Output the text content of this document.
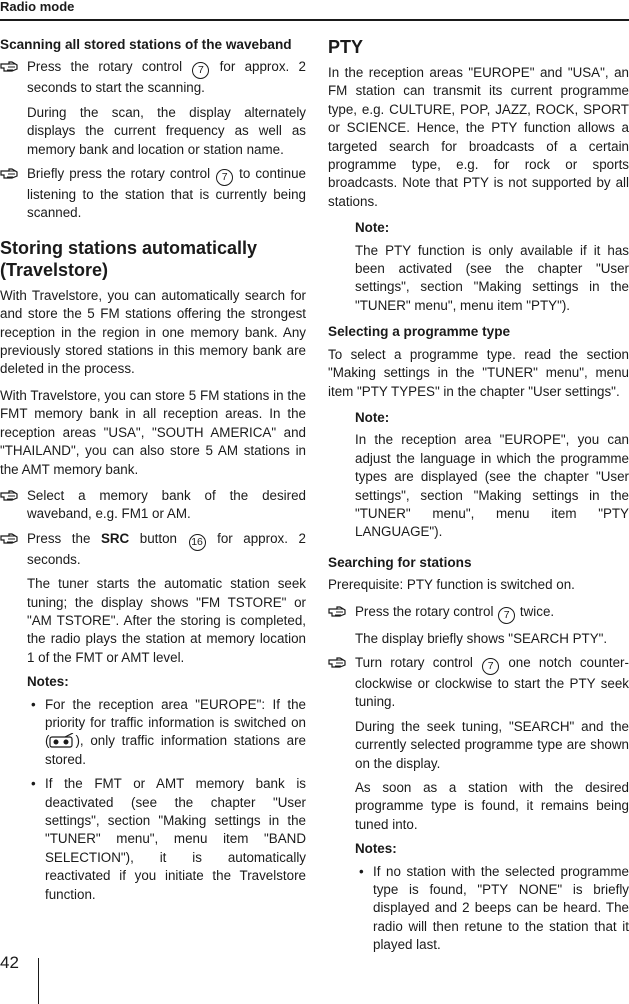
Radio mode

Scanning all stored stations of the waveband

Press the rotary control 7 for approx. 2 seconds to start the scanning.

During the scan, the display alternately displays the current frequency as well as memory bank and location or station name.

Briefly press the rotary control 7 to continue listening to the station that is currently being scanned.

Storing stations automatically
(Travelstore)

With Travelstore, you can automatically search for and store the 5 FM stations offering the strongest reception in the region in one memory bank. Any previously stored stations in this memory bank are deleted in the process.

With Travelstore, you can store 5 FM stations in the FMT memory bank in all reception areas. In the reception areas "USA", "SOUTH AMERICA" and "THAILAND", you can also store 5 AM stations in the AMT memory bank.

Select a memory bank of the desired waveband, e.g. FM1 or AM.

Press the SRC button 16 for approx. 2 seconds.

The tuner starts the automatic station seek tuning; the display shows "FM TSTORE" or "AM TSTORE". After the storing is completed, the radio plays the station at memory location 1 of the FMT or AMT level.

Notes:

• For the reception area "EUROPE": If the priority for traffic information is switched on ( ), only traffic information stations are stored.

• If the FMT or AMT memory bank is deactivated (see the chapter "User settings", section "Making settings in the "TUNER" menu", menu item "BAND SELECTION"), it is automatically reactivated if you initiate the Travelstore function.

PTY

In the reception areas "EUROPE" and "USA", an FM station can transmit its current programme type, e.g. CULTURE, POP, JAZZ, ROCK, SPORT or SCIENCE. Hence, the PTY function allows a targeted search for broadcasts of a certain programme type, e.g. for rock or sports broadcasts. Note that PTY is not supported by all stations.

Note:

The PTY function is only available if it has been activated (see the chapter "User settings", section "Making settings in the "TUNER" menu", menu item "PTY").

Selecting a programme type

To select a programme type. read the section "Making settings in the "TUNER" menu", menu item "PTY TYPES" in the chapter "User settings".

Note:

In the reception area "EUROPE", you can adjust the language in which the programme types are displayed (see the chapter "User settings", section "Making settings in the "TUNER" menu", menu item "PTY LANGUAGE").

Searching for stations

Prerequisite: PTY function is switched on.

Press the rotary control 7 twice.

The display briefly shows "SEARCH PTY".

Turn rotary control 7 one notch counter-clockwise or clockwise to start the PTY seek tuning.

During the seek tuning, "SEARCH" and the currently selected programme type are shown on the display.

As soon as a station with the desired programme type is found, it remains being tuned into.

Notes:

• If no station with the selected programme type is found, "PTY NONE" is briefly displayed and 2 beeps can be heard. The radio will then retune to the station that it played last.

42
